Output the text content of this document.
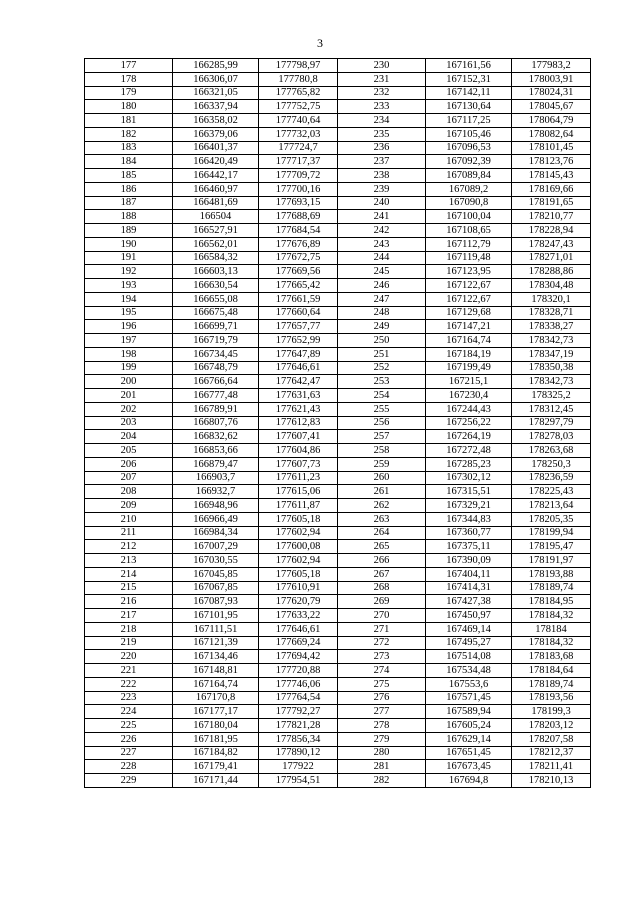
3
177	166285,99	177798,97	230	167161,56	177983,2
178	166306,07	177780,8	231	167152,31	178003,91
179	166321,05	177765,82	232	167142,11	178024,31
180	166337,94	177752,75	233	167130,64	178045,67
181	166358,02	177740,64	234	167117,25	178064,79
182	166379,06	177732,03	235	167105,46	178082,64
183	166401,37	177724,7	236	167096,53	178101,45
184	166420,49	177717,37	237	167092,39	178123,76
185	166442,17	177709,72	238	167089,84	178145,43
186	166460,97	177700,16	239	167089,2	178169,66
187	166481,69	177693,15	240	167090,8	178191,65
188	166504	177688,69	241	167100,04	178210,77
189	166527,91	177684,54	242	167108,65	178228,94
190	166562,01	177676,89	243	167112,79	178247,43
191	166584,32	177672,75	244	167119,48	178271,01
192	166603,13	177669,56	245	167123,95	178288,86
193	166630,54	177665,42	246	167122,67	178304,48
194	166655,08	177661,59	247	167122,67	178320,1
195	166675,48	177660,64	248	167129,68	178328,71
196	166699,71	177657,77	249	167147,21	178338,27
197	166719,79	177652,99	250	167164,74	178342,73
198	166734,45	177647,89	251	167184,19	178347,19
199	166748,79	177646,61	252	167199,49	178350,38
200	166766,64	177642,47	253	167215,1	178342,73
201	166777,48	177631,63	254	167230,4	178325,2
202	166789,91	177621,43	255	167244,43	178312,45
203	166807,76	177612,83	256	167256,22	178297,79
204	166832,62	177607,41	257	167264,19	178278,03
205	166853,66	177604,86	258	167272,48	178263,68
206	166879,47	177607,73	259	167285,23	178250,3
207	166903,7	177611,23	260	167302,12	178236,59
208	166932,7	177615,06	261	167315,51	178225,43
209	166948,96	177611,87	262	167329,21	178213,64
210	166966,49	177605,18	263	167344,83	178205,35
211	166984,34	177602,94	264	167360,77	178199,94
212	167007,29	177600,08	265	167375,11	178195,47
213	167030,55	177602,94	266	167390,09	178191,97
214	167045,85	177605,18	267	167404,11	178193,88
215	167067,85	177610,91	268	167414,31	178189,74
216	167087,93	177620,79	269	167427,38	178184,95
217	167101,95	177633,22	270	167450,97	178184,32
218	167111,51	177646,61	271	167469,14	178184
219	167121,39	177669,24	272	167495,27	178184,32
220	167134,46	177694,42	273	167514,08	178183,68
221	167148,81	177720,88	274	167534,48	178184,64
222	167164,74	177746,06	275	167553,6	178189,74
223	167170,8	177764,54	276	167571,45	178193,56
224	167177,17	177792,27	277	167589,94	178199,3
225	167180,04	177821,28	278	167605,24	178203,12
226	167181,95	177856,34	279	167629,14	178207,58
227	167184,82	177890,12	280	167651,45	178212,37
228	167179,41	177922	281	167673,45	178211,41
229	167171,44	177954,51	282	167694,8	178210,13
